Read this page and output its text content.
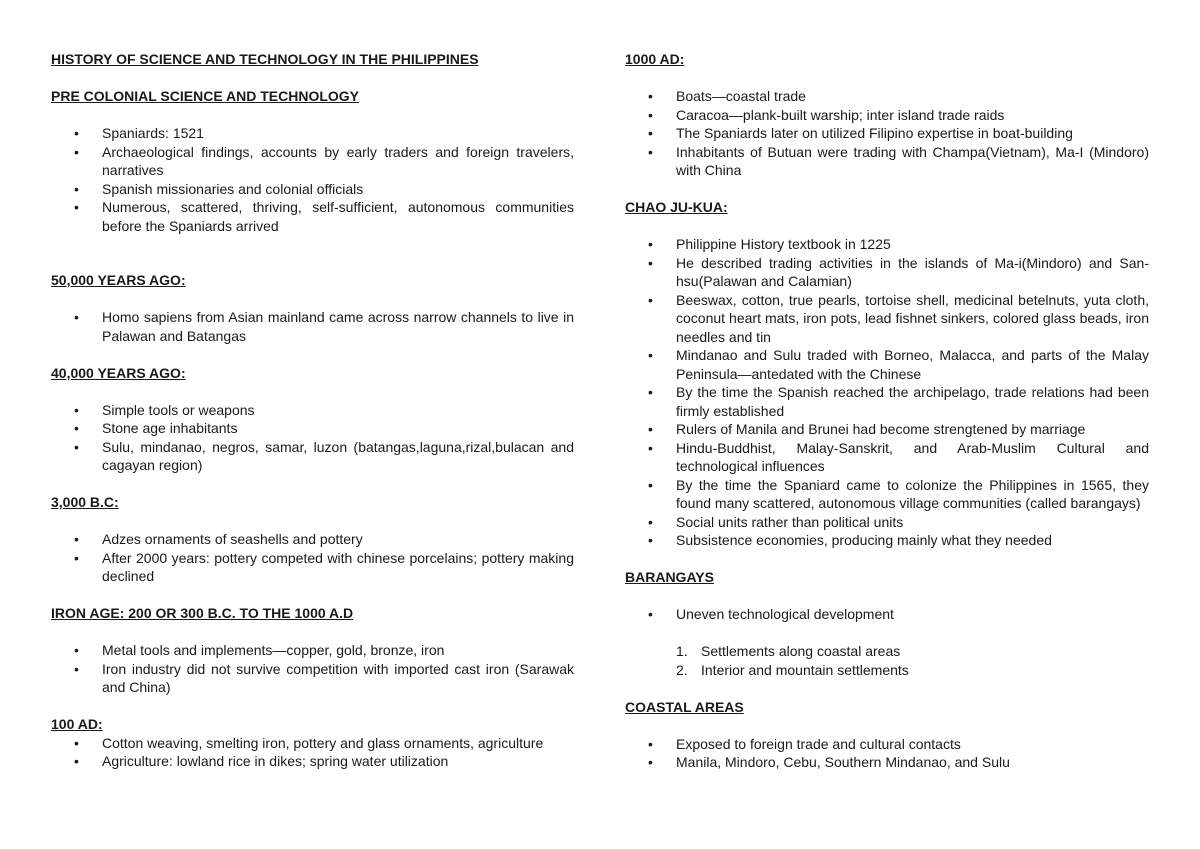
HISTORY OF SCIENCE AND TECHNOLOGY IN THE PHILIPPINES

PRE COLONIAL SCIENCE AND TECHNOLOGY

• Spaniards: 1521
• Archaeological findings, accounts by early traders and foreign travelers, narratives
• Spanish missionaries and colonial officials
• Numerous, scattered, thriving, self-sufficient, autonomous communities before the Spaniards arrived

50,000 YEARS AGO:

• Homo sapiens from Asian mainland came across narrow channels to live in Palawan and Batangas

40,000 YEARS AGO:

• Simple tools or weapons
• Stone age inhabitants
• Sulu, mindanao, negros, samar, luzon (batangas,laguna,rizal,bulacan and cagayan region)

3,000 B.C:

• Adzes ornaments of seashells and pottery
• After 2000 years: pottery competed with chinese porcelains; pottery making declined

IRON AGE: 200 OR 300 B.C. TO THE 1000 A.D

• Metal tools and implements—copper, gold, bronze, iron
• Iron industry did not survive competition with imported cast iron (Sarawak and China)

100 AD:

• Cotton weaving, smelting iron, pottery and glass ornaments, agriculture
• Agriculture: lowland rice in dikes; spring water utilization

1000 AD:

• Boats—coastal trade
• Caracoa—plank-built warship; inter island trade raids
• The Spaniards later on utilized Filipino expertise in boat-building
• Inhabitants of Butuan were trading with Champa(Vietnam), Ma-I (Mindoro) with China

CHAO JU-KUA:

• Philippine History textbook in 1225
• He described trading activities in the islands of Ma-i(Mindoro) and San-hsu(Palawan and Calamian)
• Beeswax, cotton, true pearls, tortoise shell, medicinal betelnuts, yuta cloth, coconut heart mats, iron pots, lead fishnet sinkers, colored glass beads, iron needles and tin
• Mindanao and Sulu traded with Borneo, Malacca, and parts of the Malay Peninsula—antedated with the Chinese
• By the time the Spanish reached the archipelago, trade relations had been firmly established
• Rulers of Manila and Brunei had become strengtened by marriage
• Hindu-Buddhist, Malay-Sanskrit, and Arab-Muslim Cultural and technological influences
• By the time the Spaniard came to colonize the Philippines in 1565, they found many scattered, autonomous village communities (called barangays)
• Social units rather than political units
• Subsistence economies, producing mainly what they needed

BARANGAYS

• Uneven technological development
1. Settlements along coastal areas
2. Interior and mountain settlements

COASTAL AREAS

• Exposed to foreign trade and cultural contacts
• Manila, Mindoro, Cebu, Southern Mindanao, and Sulu
